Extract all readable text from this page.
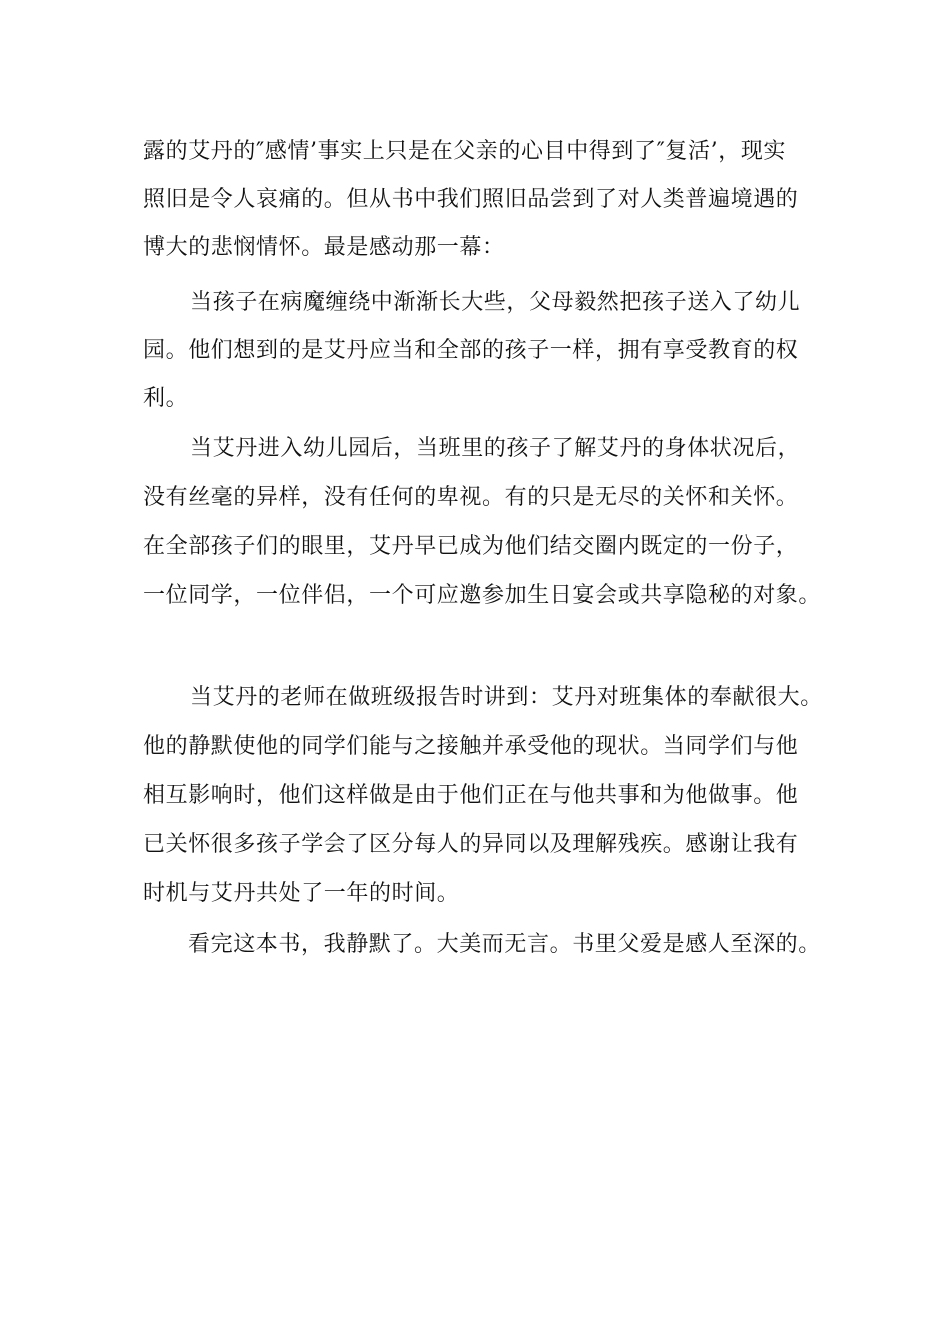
露的艾丹的″感情’事实上只是在父亲的心目中得到了″复活’，现实
照旧是令人哀痛的。但从书中我们照旧品尝到了对人类普遍境遇的
博大的悲悯情怀。最是感动那一幕：
当孩子在病魔缠绕中渐渐长大些，父母毅然把孩子送入了幼儿
园。他们想到的是艾丹应当和全部的孩子一样，拥有享受教育的权
利。
当艾丹进入幼儿园后，当班里的孩子了解艾丹的身体状况后，
没有丝毫的异样，没有任何的卑视。有的只是无尽的关怀和关怀。
在全部孩子们的眼里，艾丹早已成为他们结交圈内既定的一份子，
一位同学，一位伴侣，一个可应邀参加生日宴会或共享隐秘的对象。
当艾丹的老师在做班级报告时讲到：艾丹对班集体的奉献很大。
他的静默使他的同学们能与之接触并承受他的现状。当同学们与他
相互影响时，他们这样做是由于他们正在与他共事和为他做事。他
已关怀很多孩子学会了区分每人的异同以及理解残疾。感谢让我有
时机与艾丹共处了一年的时间。
看完这本书，我静默了。大美而无言。书里父爱是感人至深的。
